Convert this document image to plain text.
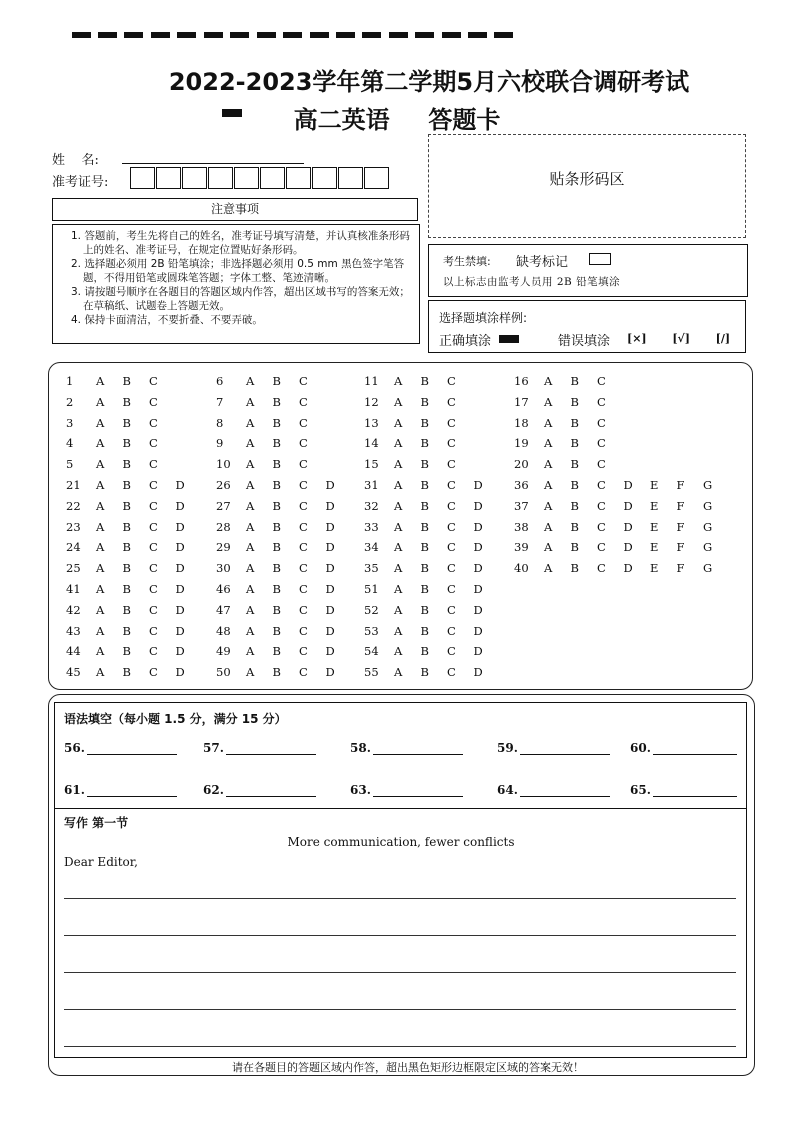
2022-2023学年第二学期5月六校联合调研考试
高二英语 答题卡
姓    名:
准考证号:
注意事项

1. 答题前，考生先将自己的姓名，准考证号填写清楚，并认真核准条形码上的姓名、准考证号，在规定位置贴好条形码。

2. 选择题必须用 2B 铅笔填涂；非选择题必须用 0.5 mm 黑色签字笔答题，不得用铅笔或圆珠笔答题；字体工整、笔迹清晰。

3. 请按题号顺序在各题目的答题区域内作答，超出区域书写的答案无效；在草稿纸、试题卷上答题无效。

4. 保持卡面清洁，不要折叠、不要弄破。

贴条形码区
考生禁填: 缺考标记
以上标志由监考人员用 2B 铅笔填涂
选择题填涂样例:
正确填涂	错误填涂 [×] [√] [/]
1 A B C
2 A B C
3 A B C
4 A B C
5 A B C
6 A B C
7 A B C
8 A B C
9 A B C
10 A B C
11 A B C
12 A B C
13 A B C
14 A B C
15 A B C
16 A B C
17 A B C
18 A B C
19 A B C
20 A B C
21 A B C D
22 A B C D
23 A B C D
24 A B C D
25 A B C D
26 A B C D
27 A B C D
28 A B C D
29 A B C D
30 A B C D
31 A B C D
32 A B C D
33 A B C D
34 A B C D
35 A B C D
36 A B C D E F G
37 A B C D E F G
38 A B C D E F G
39 A B C D E F G
40 A B C D E F G
41 A B C D
42 A B C D
43 A B C D
44 A B C D
45 A B C D
46 A B C D
47 A B C D
48 A B C D
49 A B C D
50 A B C D
51 A B C D
52 A B C D
53 A B C D
54 A B C D
55 A B C D
语法填空（每小题 1.5 分，满分 15 分）
56.	57.	58.	59.	60.
61.	62.	63.	64.	65.
写作 第一节
More communication, fewer conflicts
Dear Editor,
请在各题目的答题区域内作答，超出黑色矩形边框限定区域的答案无效！
